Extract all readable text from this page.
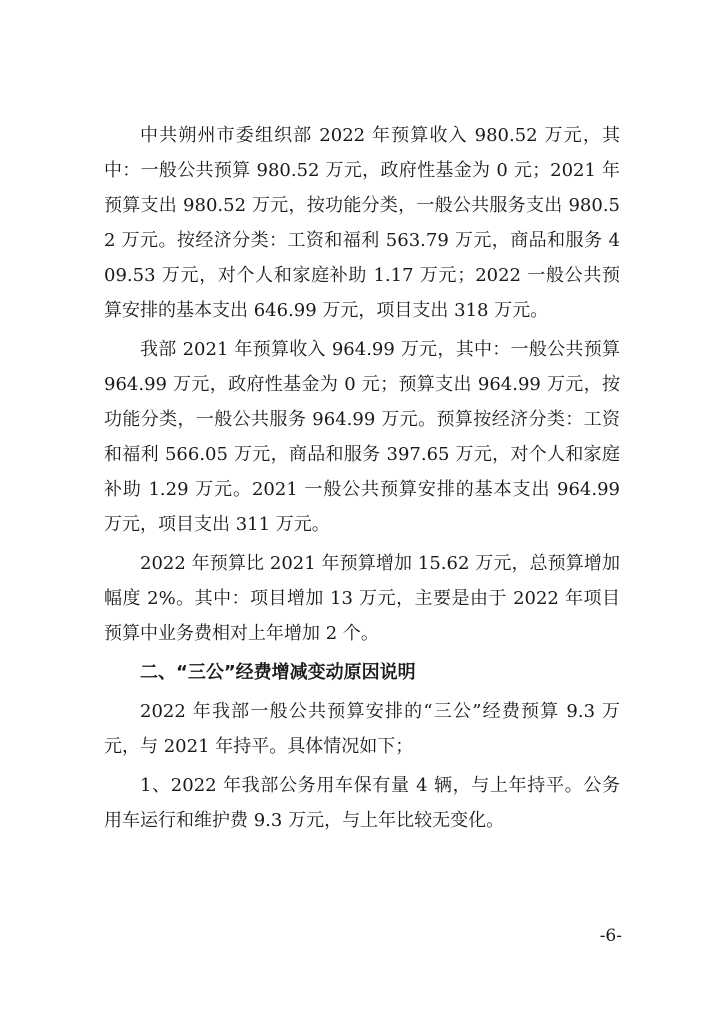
中共朔州市委组织部 2022 年预算收入 980.52 万元，其中：一般公共预算 980.52 万元，政府性基金为 0 元；2021 年预算支出 980.52 万元，按功能分类，一般公共服务支出 980.52 万元。按经济分类：工资和福利 563.79 万元，商品和服务 409.53 万元，对个人和家庭补助 1.17 万元；2022 一般公共预算安排的基本支出 646.99 万元，项目支出 318 万元。

我部 2021 年预算收入 964.99 万元，其中：一般公共预算 964.99 万元，政府性基金为 0 元；预算支出 964.99 万元，按功能分类，一般公共服务 964.99 万元。预算按经济分类：工资和福利 566.05 万元，商品和服务 397.65 万元，对个人和家庭补助 1.29 万元。2021 一般公共预算安排的基本支出 964.99 万元，项目支出 311 万元。

2022 年预算比 2021 年预算增加 15.62 万元，总预算增加幅度 2%。其中：项目增加 13 万元，主要是由于 2022 年项目预算中业务费相对上年增加 2 个。

二、“三公”经费增减变动原因说明

2022 年我部一般公共预算安排的“三公”经费预算 9.3 万元，与 2021 年持平。具体情况如下；

1、2022 年我部公务用车保有量 4 辆，与上年持平。公务用车运行和维护费 9.3 万元，与上年比较无变化。

-6-
